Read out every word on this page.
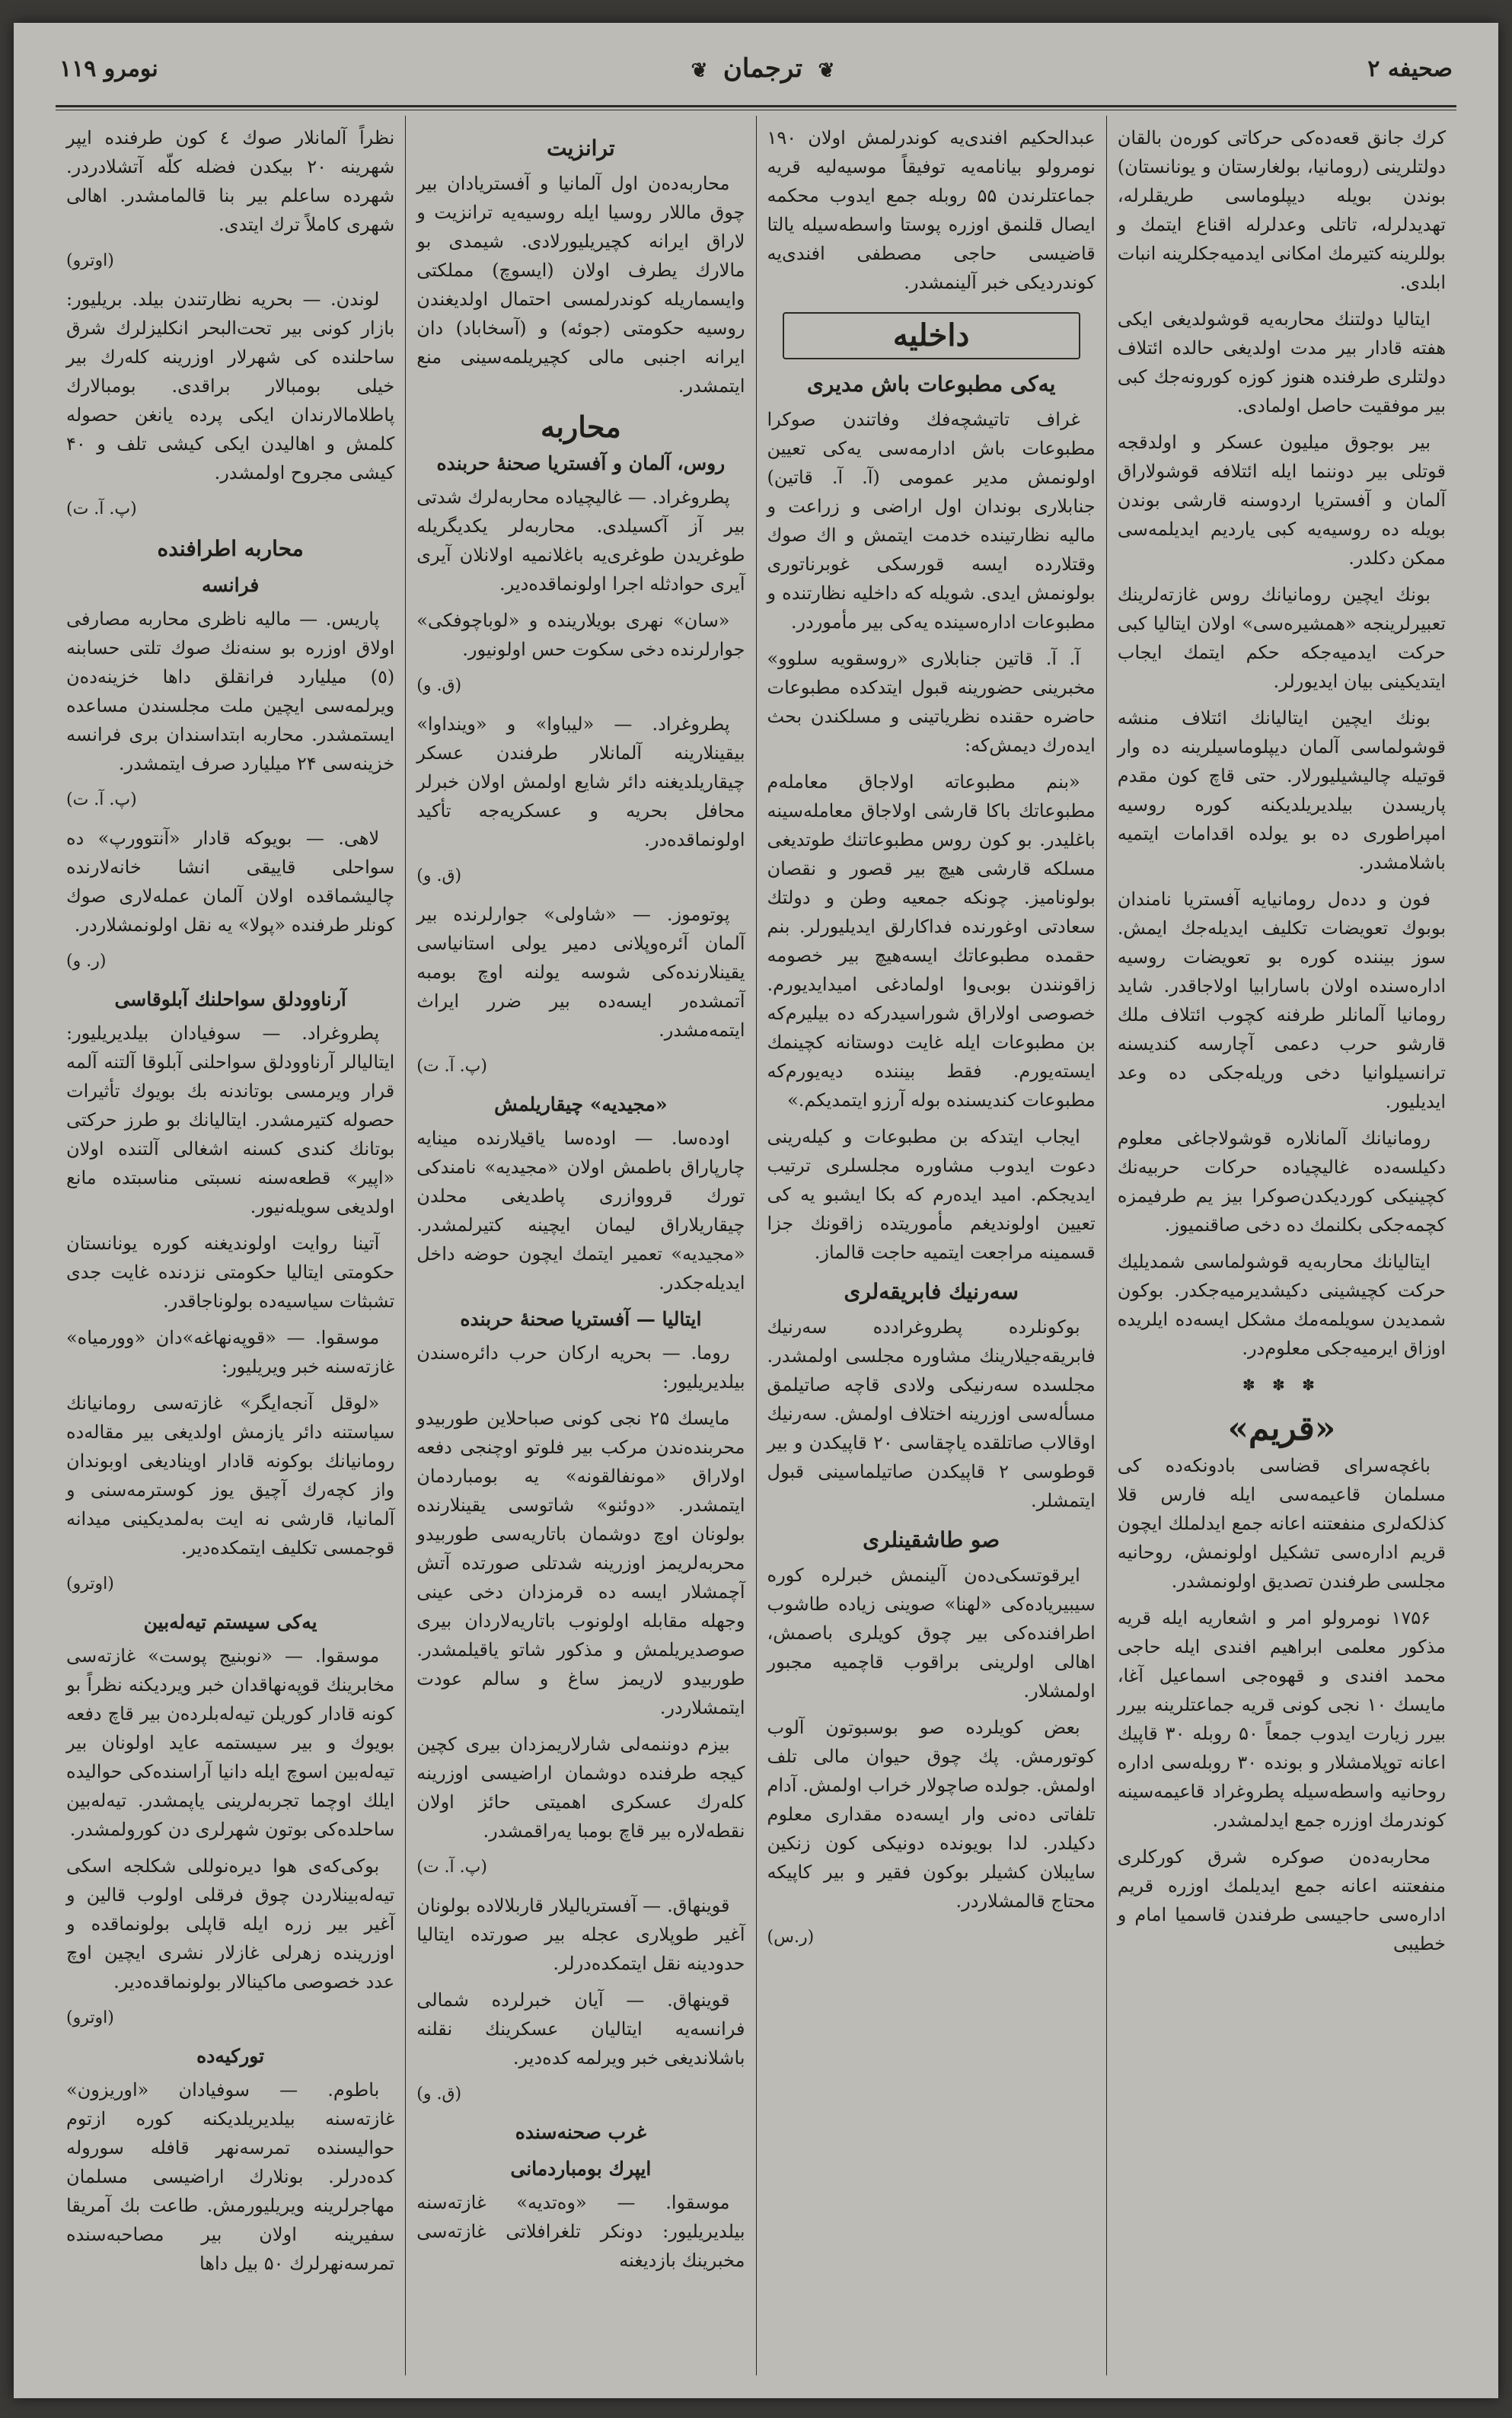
صحیفه ۲
❦ ترجمان ❦
نومرو ۱۱۹

کرك جانق قعه‌ده‌کی حرکاتی کوره‌ن بالقان دولتلرینی (رومانیا، بولغارستان و یونانستان) بوندن بویله دیپلوماسی طریقلرله، تهدیدلرله، تاتلی وعدلرله اقناع ایتمك و بوللرینه کتیرمك امکانی ایدمیه‌جکلرینه انبات ابلدی.

ایتالیا دولتنك محاربه‌یه قوشولدیغی ایکی هفته قادار بیر مدت اولدیغی حالده ائتلاف دولتلری طرفنده هنوز کوزه کورونه‌جك کبی بیر موفقیت حاصل اولمادی.

بیر بوجوق میلیون عسکر و اولدقجه قوتلی بیر دوننما ایله ائتلافه قوشولاراق آلمان و آفستریا اردوسنه قارشی بوندن بویله ده روسیه‌یه کبی یاردیم ایدیلمه‌سی ممکن دکلدر.

بونك ایچین رومانیانك روس غازته‌لرینك تعبیرلرینجه «همشیره‌سی» اولان ایتالیا کبی حرکت ایدمیه‌جکه حکم ایتمك ایجاب ایتدیکینی بیان ایدیورلر.

بونك ایچین ایتالیانك ائتلاف منشه قوشولماسی آلمان دیپلوماسیلرینه ده وار قوتیله چالیشیلیورلار. حتی قاچ کون مقدم پاریسدن بیلدیریلدیکنه کوره روسیه امپراطوری ده بو یولده اقدامات ایتمیه باشلامشدر.

فون و دده‌ل رومانیایه آفستریا نامندان بوبوك تعویضات تکلیف ایدیله‌جك ایمش. سوز بیننده کوره بو تعویضات روسیه اداره‌سنده اولان باسارابیا اولاجاقدر. شاید رومانیا آلمانلر طرفنه کچوب ائتلاف ملك قارشو حرب دعمی آچارسه کندیسنه ترانسیلوانیا دخی وریله‌جکی ده وعد ایدیلیور.

رومانیانك آلمانلاره قوشولاجاغی معلوم دکیلسه‌ده غالیچیاده حرکات حربیه‌نك کچینیکی کوردیکدن‌صوکرا بیز یم طرفیمزه کچمه‌جکی بکلنمك ده دخی صاقنمیوز.

ایتالیانك محاربه‌یه قوشولماسی شمدیلیك حرکت کچیشینی دکیشدیرمیه‌جکدر. بوکون شمدیدن سویلمه‌مك مشکل ایسه‌ده ایلریده اوزاق ایرمیه‌جکی معلوم‌در.

✽ ✽ ✽
«قریم»

باغچه‌سرای قضاسی بادونکه‌ده کی مسلمان قاعیمه‌سی ایله فارس قلا کذلکه‌لری منفعتنه اعانه جمع ایدلملك ایچون قریم اداره‌سی تشکیل اولونمش، روحانیه مجلسی طرفندن تصدیق اولونمشدر.

۱۷۵۶ نومرولو امر و اشعاریه ایله قریه مذکور معلمی ابراهیم افندی ایله حاجی محمد افندی و قهوه‌جی اسماعیل آغا، مایسك ۱۰ نجی کونی قریه جماعتلرینه بیرر بیرر زیارت ایدوب جمعاً ۵۰ روبله ۳۰ قاپیك اعانه توپلامشلار و بونده ۳۰ روبله‌سی اداره روحانیه واسطه‌سیله پطروغراد قاعیمه‌سینه کوندرمك اوزره جمع ایدلمشدر.

محاربه‌ده‌ن صوکره شرق کورکلری منفعتنه اعانه جمع ایدیلمك اوزره قریم اداره‌سی حاجیسی طرفندن قاسمیا امام و خطیبی

عبدالحکیم افندی‌یه کوندرلمش اولان ۱۹۰ نومرولو بیانامه‌یه توفیقاً موسیه‌لیه قریه جماعتلرندن ۵۵ روبله جمع ایدوب محکمه ایصال قلنمق اوزره پوستا واسطه‌سیله یالتا قاضیسی حاجی مصطفی افندی‌یه کوندردیکی خبر آلینمشدر.

داخلیه
یه‌کی مطبوعات باش مدیری

غراف تاتیشچه‌فك وفاتندن صوکرا مطبوعات باش ادارمه‌سی یه‌کی تعیین اولونمش مدیر عمومی (آ. آ. قاتین) جنابلاری بوندان اول اراضی و زراعت و مالیه نظارتینده خدمت ایتمش و اك صوك وقتلارده ایسه قورسکی غوبرناتوری بولونمش ایدی. شویله که داخلیه نظارتنده و مطبوعات اداره‌سینده یه‌کی بیر مأموردر.

آ. آ. قاتین جنابلاری «روسقویه سلوو» مخبرینی حضورینه قبول ایتدکده مطبوعات حاضره حقنده نظریاتینی و مسلکندن بحث ایده‌رك دیمش‌که:

«بنم مطبوعاته اولاجاق معامله‌م مطبوعاتك باکا قارشی اولاجاق معامله‌سینه باغلیدر. بو کون روس مطبوعاتنك طوتدیغی مسلکه قارشی هیچ بیر قصور و نقصان بولونامیز. چونکه جمعیه وطن و دولتك سعادتی اوغورنده فداکارلق ایدیلیورلر. بنم حقمده مطبوعاتك ایسه‌هیچ بیر خصومه زاقونندن بوبی‌وا اولمادغی امیدایدیورم. خصوصی اولاراق شوراسیدرکه ده بیلیرم‌که بن مطبوعات ایله غایت دوستانه کچینمك ایسته‌یورم. فقط بیننده دیه‌یورم‌که مطبوعات کندیسنده بوله آرزو ایتمدیکم.»

ایجاب ایتدکه بن مطبوعات و کیله‌رینی دعوت ایدوب مشاوره مجلسلری ترتیب ایدیجکم. امید ایده‌رم که بکا ایشبو یه کی تعیین اولوندیغم مأموریتده زاقونك جزا قسمینه مراجعت ایتمیه حاجت قالماز.

سه‌رنیك فابریقه‌لری

بوکونلرده پطروغرادده سه‌رنیك فابریقه‌جیلارینك مشاوره مجلسی اولمشدر. مجلسده سه‌رنیکی ولادی قاچه صاتیلمق مسأله‌سی اوزرینه اختلاف اولمش. سه‌رنیك اوقالاب صاتلقده یاچقاسی ۲۰ قاپیکدن و بیر قوطوسی ۲ قاپیکدن صاتیلماسینی قبول ایتمشلر.

صو طاشقینلری

ایرقوتسکی‌ده‌ن آلینمش خبرلره کوره سیبیریاده‌کی «لهنا» صوینی زیاده طاشوب اطرافنده‌کی بیر چوق کویلری باصمش، اهالی اولرینی براقوب قاچمیه مجبور اولمشلار.

بعض کویلرده صو بوسبوتون آلوب کوتورمش. پك چوق حیوان مالی تلف اولمش. جولده صاچولار خراب اولمش. آدام تلفاتی ده‌نی وار ایسه‌ده مقداری معلوم دکیلدر. لدا بویونده دونیکی کون زنکین سایبلان کشیلر بوکون فقیر و بیر کاپیکه محتاج قالمشلاردر.

(ر.س)
ترانزیت

محاربه‌ده‌ن اول آلمانیا و آفستریادان بیر چوق ماللار روسیا ایله روسیه‌یه ترانزیت و لاراق ایرانه کچیریلیورلادی. شیمدی بو مالارك یطرف اولان (ایسوچ) مملکتی وایسماریله کوندرلمسی احتمال اولدیغندن روسیه حکومتی (جوئه) و (آسخاباد) دان ایرانه اجنبی مالی کچیریلمه‌سینی منع ایتمشدر.

محاربه
روس، آلمان و آفستریا صحنهٔ حربنده

پطروغراد. — غالیچیاده محاربه‌لرك شدتی بیر آز آکسیلدی. محاربه‌لر یکدیگریله طوغریدن طوغری‌یه باغلانمیه اولانلان آیری آیری حوادثله اجرا اولونماقده‌دیر.

«سان» نهری بویلارینده و «لوبا‌چوفکی» جوارلرنده دخی سکوت حس اولونیور.

(ق. و)

پطروغراد. — «لیباوا» و «وینداوا» بیقینلارینه آلمانلار طرفندن عسکر چیقاریلدیغنه دائر شایع اولمش اولان خبرلر محافل بحریه و عسکریه‌جه تأکید اولونماقده‌در.

(ق. و)

پوتوموز. — «شاولی» جوارلرنده بیر آلمان آئره‌وپلانی دمیر یولی استانیاسی یقینلارنده‌کی شوسه یولنه اوچ بومبه آتمشده‌ر ایسه‌ده بیر ضرر ایراث ایتمه‌مشدر.

(پ. آ. ت)
«مجیدیه» چیقاریلمش

اوده‌سا. — اوده‌سا یاقیلارنده مینایه چارپاراق باطمش اولان «مجیدیه» نامندکی تورك قرووازری پاطدیغی محلدن چیقاریلاراق لیمان ایچینه کتیرلمشدر. «مجیدیه» تعمیر ایتمك ایچون حوضه داخل ایدیله‌جکدر.

ایتالیا — آفستریا صحنهٔ حربنده

روما. — بحریه ارکان حرب دائره‌سندن بیلدیریلیور:

مایسك ۲۵ نجی کونی صباحلاین طوربیدو محربنده‌ندن مرکب بیر فلوتو اوچنجی دفعه اولاراق «مونفالقونه» یه بومباردمان ایتمشدر. «دوئنو» شاتوسی یقینلارنده بولونان اوچ دوشمان باتاریه‌سی طوربیدو محربه‌لریمز اوزرینه شدتلی صورتده آتش آچمشلار ایسه ده قرمزدان دخی عینی وجهله مقابله اولونوب باتاریه‌لاردان بیری صوصدیریلمش و مذکور شاتو یاقیلمشدر. طوربیدو لاریمز ساغ و سالم عودت ایتمشلاردر.

بیزم دوننمه‌لی شارلاریمزدان بیری کچین کیجه طرفنده دوشمان اراضیسی اوزرینه کله‌رك عسکری اهمیتی حائز اولان نقطه‌لاره بیر قاچ بومبا یه‌راقمشدر.

(پ. آ. ت)

قوینهاق. — آفستریالیلار قاربلالاده بولونان آغیر طوپلاری عجله بیر صورتده ایتالیا حدودینه نقل ایتمکده‌درلر.

قوینهاق. — آیان خبرلرده شمالی فرانسه‌یه ایتالیان عسکرینك نقلنه باشلاندیغی خبر ویرلمه کده‌دیر.

(ق. و)
غرب صحنه‌سنده
ایپرك بومباردمانی

موسقوا. — «وه‌تدیه» غازته‌سنه بیلدیریلیور: دونکر تلغرافلاتی غازته‌سی مخبرینك بازدیغنه

نظراً آلمانلار صوك ٤ کون طرفنده ایپر شهرینه ۲۰ بیکدن فضله کلّه آتشلادردر. شهرده ساعلم بیر بنا قالمامشدر. اهالی شهری کاملاً ترك ایتدی.

(اوترو)

لوندن. — بحریه نظارتندن بیلد. بریلیور: بازار کونی بیر تحت‌البحر انکلیزلرك شرق ساحلنده کی شهرلار اوزرینه کله‌رك بیر خیلی بومبالار براقدی. بومبالارك پاطلامالارندان ایکی پرده یانغن حصوله کلمش و اهالیدن ایکی کیشی تلف و ۴۰ کیشی مجروح اولمشدر.

(پ. آ. ت)
محاربه اطرافنده
فرانسه

پاریس. — مالیه ناظری محاربه مصارفی او‌لاق اوزره بو سنه‌نك صوك تلتی حسابنه (٥) میلیارد فرانقلق داها خزینه‌ده‌ن ویرلمه‌سی ایچین ملت مجلسندن مساعده ایستمشدر. محاربه ابتداسندان بری فرانسه خزینه‌سی ۲۴ میلیارد صرف ایتمشدر.

(پ. آ. ت)

لاهی. — بویوکه قادار «آنتوورپ» ده سواحلی قاییقی انشا خانه‌لارنده چالیشماقده اولان آلمان عمله‌لاری صوك کونلر طرفنده «پولا» یه نقل اولونمشلاردر.

(ر. و)
آرناوودلق سواحلنك آبلوقاسی

پطروغراد. — سوفیادان بیلدیریلیور: ایتالیالر آرناوودلق سواحلنی آبلوقا آلتنه آلمه قرار ویرمسی بوتاندنه بك بویوك تأثیرات حصوله کتیرمشدر. ایتالیانك بو طرز حرکتی بوتانك کندی کسنه اشغالی آلتنده اولان «اپیر» قطعه‌سنه نسبتی مناسبتده مانع اولدیغی سویله‌نیور.

آتینا روایت اولوندیغنه کوره یونانستان حکومتی ایتالیا حکومتی نزدنده غایت جدی تشبثات سیاسیه‌ده بولوناجاقدر.

موسقوا. — «قوپه‌نهاغه»‌دان «وورمیاه» غازته‌سنه خبر ویریلیور:

«لوقل آنجه‌ایگر» غازته‌سی رومانیانك سیاستنه دائر یازمش اولدیغی بیر مقاله‌ده رومانیانك بوکونه قادار اویناد‌یغی اوبوندان واز کچه‌رك آچیق یوز کوسترمه‌سنی و آلمانیا، قارشی نه ایت به‌لمدیکینی میدانه قوجمسی تکلیف ایتمکده‌دیر.

(اوترو)
یه‌کی سیستم تیه‌له‌بین

موسقوا. — «نوبنیج پوست» غازته‌سی مخابرینك قوپه‌نهاقدان خبر ویردیکنه نظراً بو کونه قادار کوریلن تیه‌له‌بلرده‌ن بیر قاچ دفعه بویوك و بیر سیستمه عاید اولونان بیر تیه‌له‌بین اسوچ ایله دانیا آراسنده‌کی حوالیده ایلك اوچما تجربه‌لرینی یاپمشدر. تیه‌له‌بین ساحلده‌کی بوتون شهرلری دن کورولمشدر.

بوکی‌که‌ی هوا دیره‌نوللی شکلجه اسکی تیه‌له‌بینلاردن چوق فرقلی اولوب قالین و آغیر بیر زره ایله قاپلی بولونماقده و اوزرینده زهرلی غازلار نشری ایچین اوچ عدد خصوصی ماکینالار بولونماقده‌دیر.

(اوترو)
تورکیه‌ده

باطوم. — سوفیادان «اوریزون» غازته‌سنه بیلدیریلدیکنه کوره ازتوم حوالیسنده تمرسه‌نهر قافله سوروله کده‌درلر. بونلارك اراضیسی مسلمان مهاجرلرینه ویریلیورمش. طاعت بك آمریقا سفیرینه اولان بیر مصاحبه‌سنده تمرسه‌نهرلرك ۵۰ بیل داها
